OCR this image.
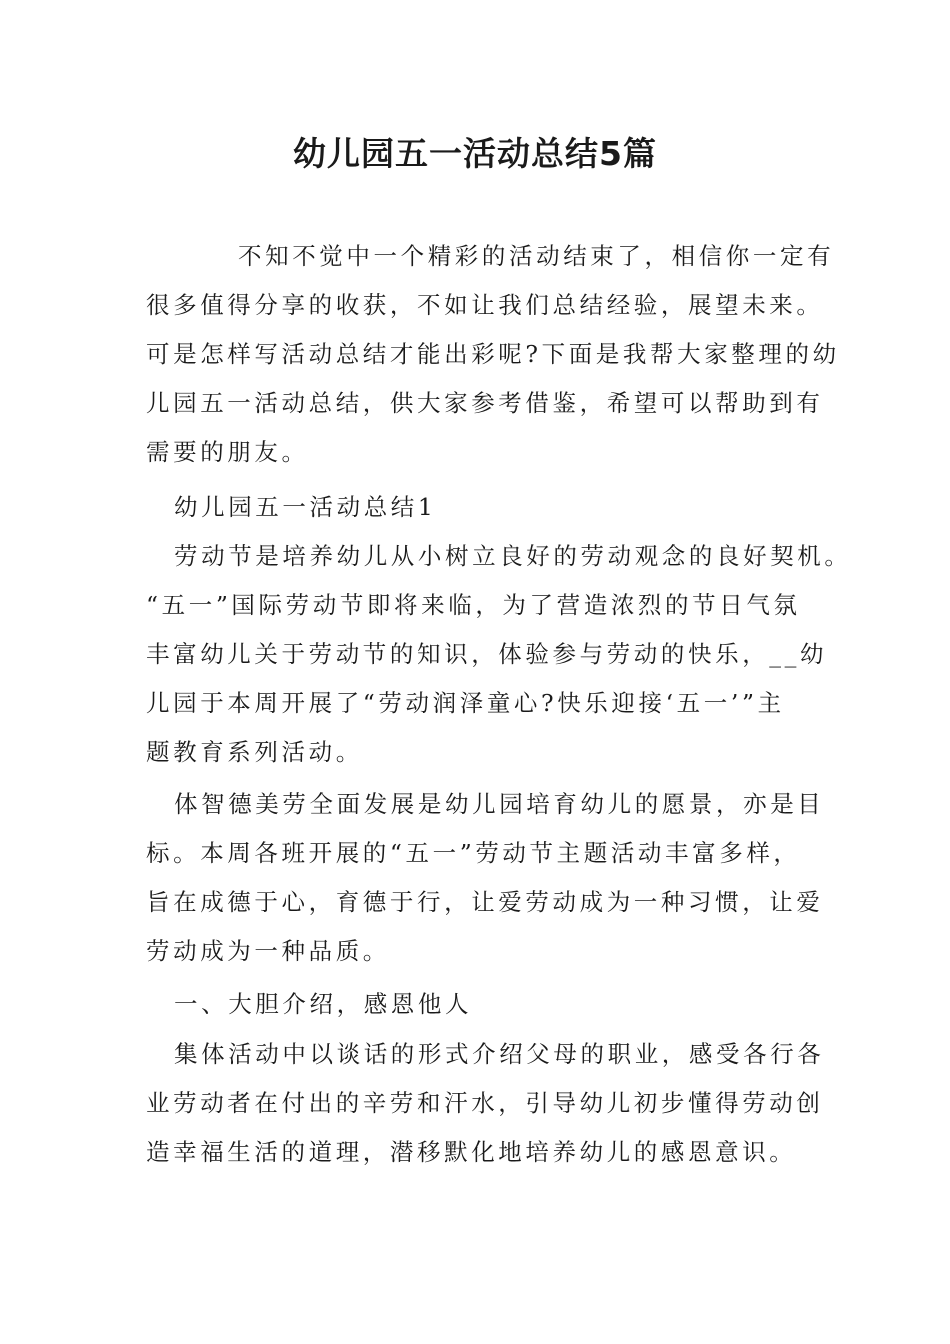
幼儿园五一活动总结5篇
不知不觉中一个精彩的活动结束了，相信你一定有
很多值得分享的收获，不如让我们总结经验，展望未来。
可是怎样写活动总结才能出彩呢?下面是我帮大家整理的幼
儿园五一活动总结，供大家参考借鉴，希望可以帮助到有
需要的朋友。
幼儿园五一活动总结1
劳动节是培养幼儿从小树立良好的劳动观念的良好契机。
“五一”国际劳动节即将来临，为了营造浓烈的节日气氛
丰富幼儿关于劳动节的知识，体验参与劳动的快乐，__幼
儿园于本周开展了“劳动润泽童心?快乐迎接‘五一’”主
题教育系列活动。
体智德美劳全面发展是幼儿园培育幼儿的愿景，亦是目
标。本周各班开展的“五一”劳动节主题活动丰富多样，
旨在成德于心，育德于行，让爱劳动成为一种习惯，让爱
劳动成为一种品质。
一、大胆介绍，感恩他人
集体活动中以谈话的形式介绍父母的职业，感受各行各
业劳动者在付出的辛劳和汗水，引导幼儿初步懂得劳动创
造幸福生活的道理，潜移默化地培养幼儿的感恩意识。
